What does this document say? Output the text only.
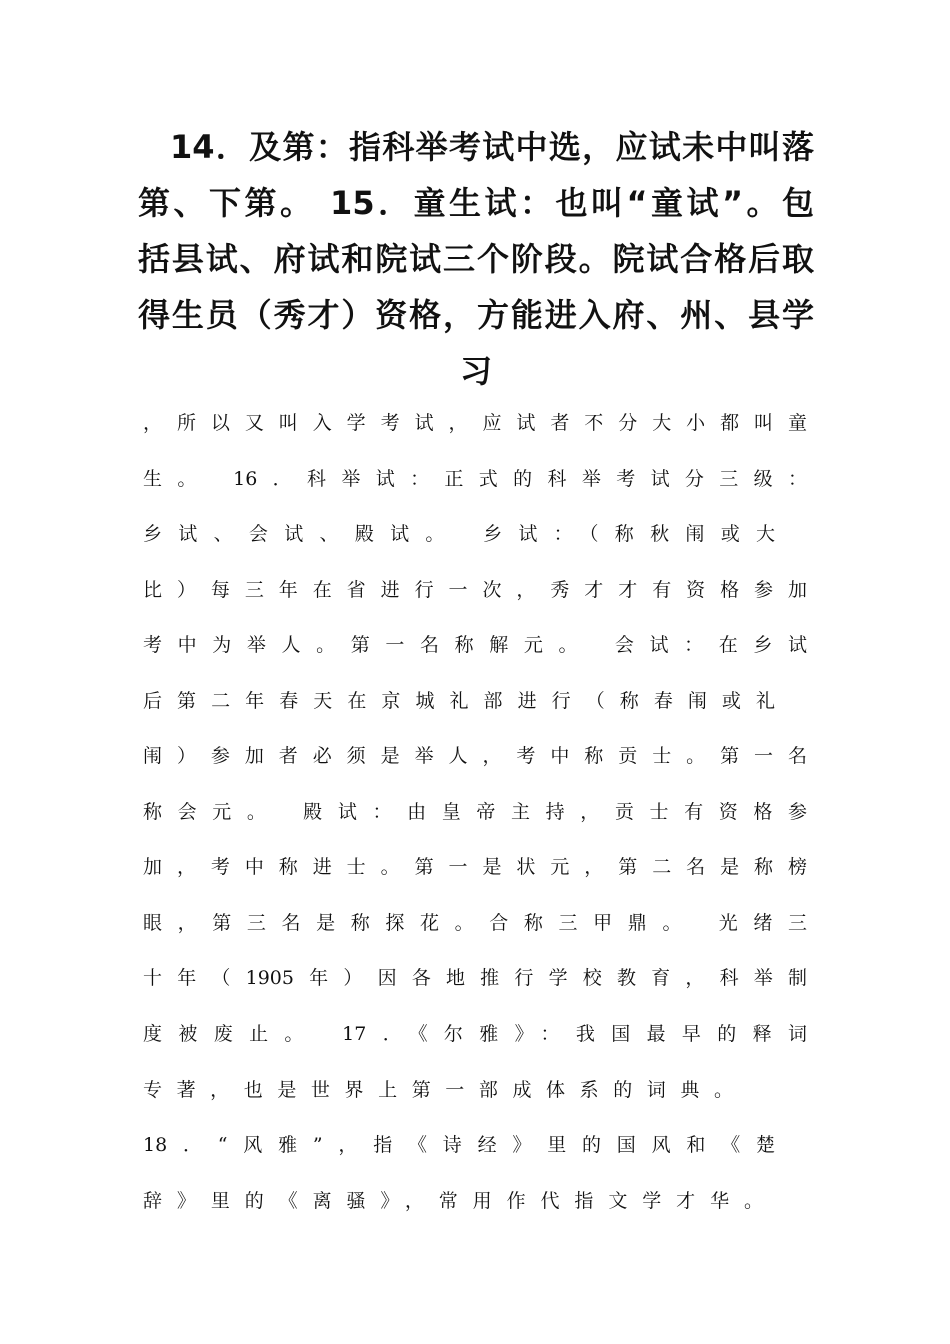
14．及第：指科举考试中选，应试未中叫落
第、下第。 15．童生试：也叫“童试”。包
括县试、府试和院试三个阶段。院试合格后取
得生员（秀才）资格，方能进入府、州、县学
习
，所以又叫入学考试，应试者不分大小都叫童
生。 16．科举试：正式的科举考试分三级：
乡试、会试、殿试。 乡试：（称秋闱或大
比）每三年在省进行一次，秀才才有资格参加
考中为举人。第一名称解元。 会试：在乡试
后第二年春天在京城礼部进行（称春闱或礼
闱）参加者必须是举人，考中称贡士。第一名
称会元。 殿试：由皇帝主持，贡士有资格参
加，考中称进士。第一是状元，第二名是称榜
眼，第三名是称探花。合称三甲鼎。 光绪三
十年（1905年）因各地推行学校教育，科举制
度被废止。 17．《尔雅》：我国最早的释词
专著，也是世界上第一部成体系的词典。
18．“风雅”，指《诗经》里的国风和《楚
辞》里的《离骚》，常用作代指文学才华。
